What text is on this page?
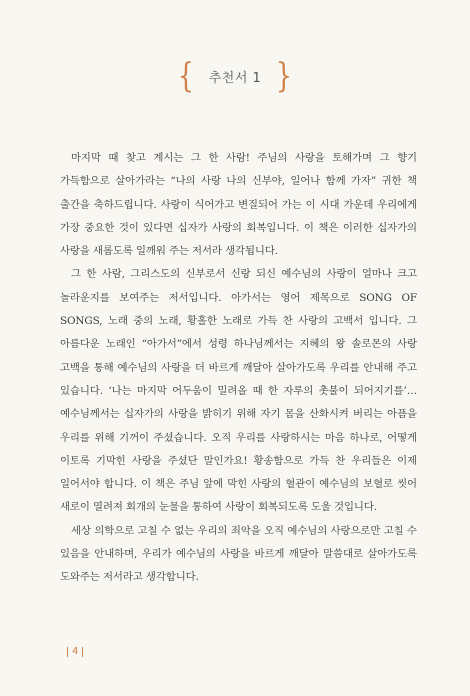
{ 추천서 1 }

마지막 때 찾고 계시는 그 한 사람! 주님의 사랑을 토해가며 그 향기 가득함으로 살아가라는 “나의 사랑 나의 신부야, 일어나 함께 가자” 귀한 책 출간을 축하드립니다. 사랑이 식어가고 변질되어 가는 이 시대 가운데 우리에게 가장 중요한 것이 있다면 십자가 사랑의 회복입니다. 이 책은 이러한 십자가의 사랑을 새롭도록 일깨워 주는 저서라 생각됩니다.

그 한 사람, 그리스도의 신부로서 신랑 되신 예수님의 사랑이 얼마나 크고 놀라운지를 보여주는 저서입니다. 아가서는 영어 제목으로 SONG OF SONGS, 노래 중의 노래, 황홀한 노래로 가득 찬 사랑의 고백서 입니다. 그 아름다운 노래인 “아가서”에서 성령 하나님께서는 지혜의 왕 솔로몬의 사랑 고백을 통해 예수님의 사랑을 더 바르게 깨달아 살아가도록 우리를 안내해 주고 있습니다. ‘나는 마지막 어두움이 밀려올 때 한 자루의 촛불이 되어지기를’… 예수님께서는 십자가의 사랑을 밝히기 위해 자기 몸을 산화시켜 버리는 아픔을 우리를 위해 기꺼이 주셨습니다. 오직 우리를 사랑하시는 마음 하나로, 어떻게 이토록 기막힌 사랑을 주셨단 말인가요! 황송함으로 가득 찬 우리들은 이제 일어서야 합니다. 이 책은 주님 앞에 막힌 사랑의 혈관이 예수님의 보혈로 씻어 새로이 열려져 회개의 눈물을 통하여 사랑이 회복되도록 도울 것입니다.

세상 의학으로 고칠 수 없는 우리의 죄악을 오직 예수님의 사랑으로만 고칠 수 있음을 안내하며, 우리가 예수님의 사랑을 바르게 깨달아 말씀대로 살아가도록 도와주는 저서라고 생각합니다.

4
